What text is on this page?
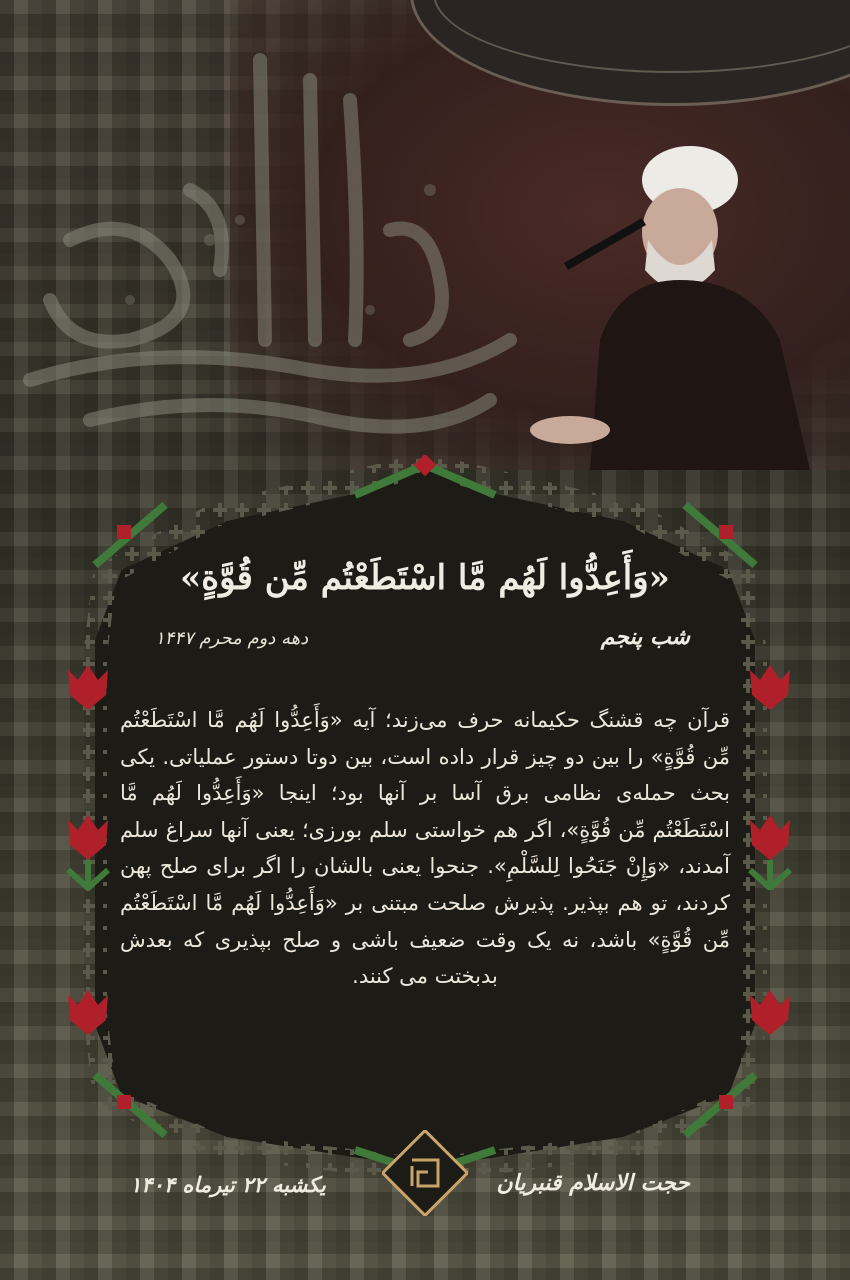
«وَأَعِدُّوا لَهُم مَّا اسْتَطَعْتُم مِّن قُوَّةٍ»
شب پنجم
دهه دوم محرم ۱۴۴۷
قرآن چه قشنگ حکیمانه حرف می‌زند؛ آیه «وَأَعِدُّوا لَهُم مَّا اسْتَطَعْتُم مِّن قُوَّةٍ» را بین دو چیز قرار داده است، بین دوتا دستور عملیاتی. یکی بحث حمله‌ی نظامی برق آسا بر آنها بود؛ اینجا «وَأَعِدُّوا لَهُم مَّا اسْتَطَعْتُم مِّن قُوَّةٍ»، اگر هم خواستی سلم بورزی؛ یعنی آنها سراغ سلم آمدند، «وَإِنْ جَنَحُوا لِلسَّلْمِ». جنحوا یعنی بالشان را اگر برای صلح پهن کردند، تو هم بپذیر. پذیرش صلحت مبتنی بر «وَأَعِدُّوا لَهُم مَّا اسْتَطَعْتُم مِّن قُوَّةٍ» باشد، نه یک وقت ضعیف باشی و صلح بپذیری که بعدش بدبختت می کنند.
حجت الاسلام قنبریان
یکشبه ۲۲ تیرماه ۱۴۰۴
